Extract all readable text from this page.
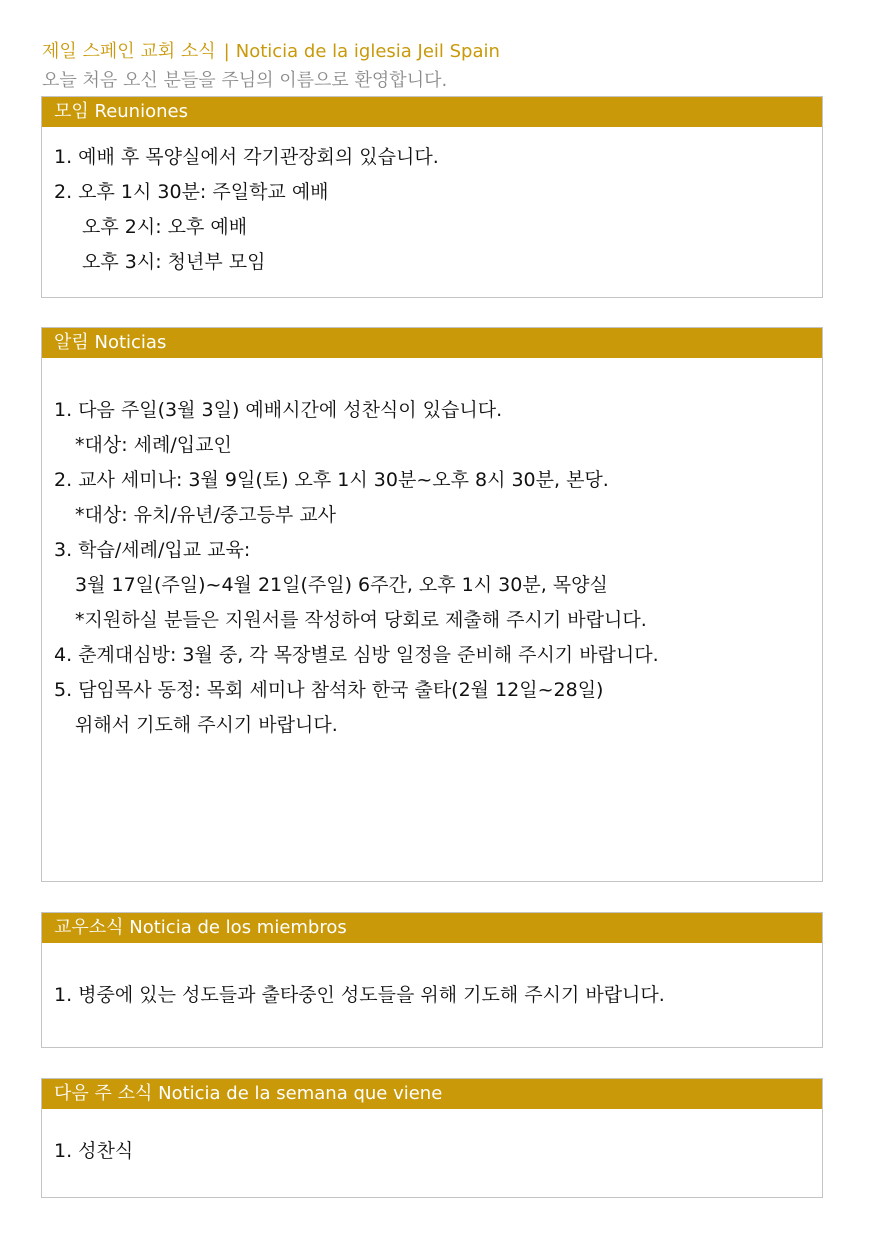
제일 스페인 교회 소식 | Noticia de la iglesia Jeil Spain
오늘 처음 오신 분들을 주님의 이름으로 환영합니다.
모임 Reuniones
1. 예배 후 목양실에서 각기관장회의 있습니다.
2. 오후 1시 30분: 주일학교 예배
오후 2시: 오후 예배
오후 3시: 청년부 모임
알림 Noticias
1. 다음 주일(3월 3일) 예배시간에 성찬식이 있습니다.
*대상: 세례/입교인
2. 교사 세미나: 3월 9일(토) 오후 1시 30분~오후 8시 30분, 본당.
*대상: 유치/유년/중고등부 교사
3. 학습/세례/입교 교육:
3월 17일(주일)~4월 21일(주일) 6주간, 오후 1시 30분, 목양실
*지원하실 분들은 지원서를 작성하여 당회로 제출해 주시기 바랍니다.
4. 춘계대심방: 3월 중, 각 목장별로 심방 일정을 준비해 주시기 바랍니다.
5. 담임목사 동정: 목회 세미나 참석차 한국 출타(2월 12일~28일)
위해서 기도해 주시기 바랍니다.
교우소식 Noticia de los miembros
1. 병중에 있는 성도들과 출타중인 성도들을 위해 기도해 주시기 바랍니다.
다음 주 소식 Noticia de la semana que viene
1. 성찬식
